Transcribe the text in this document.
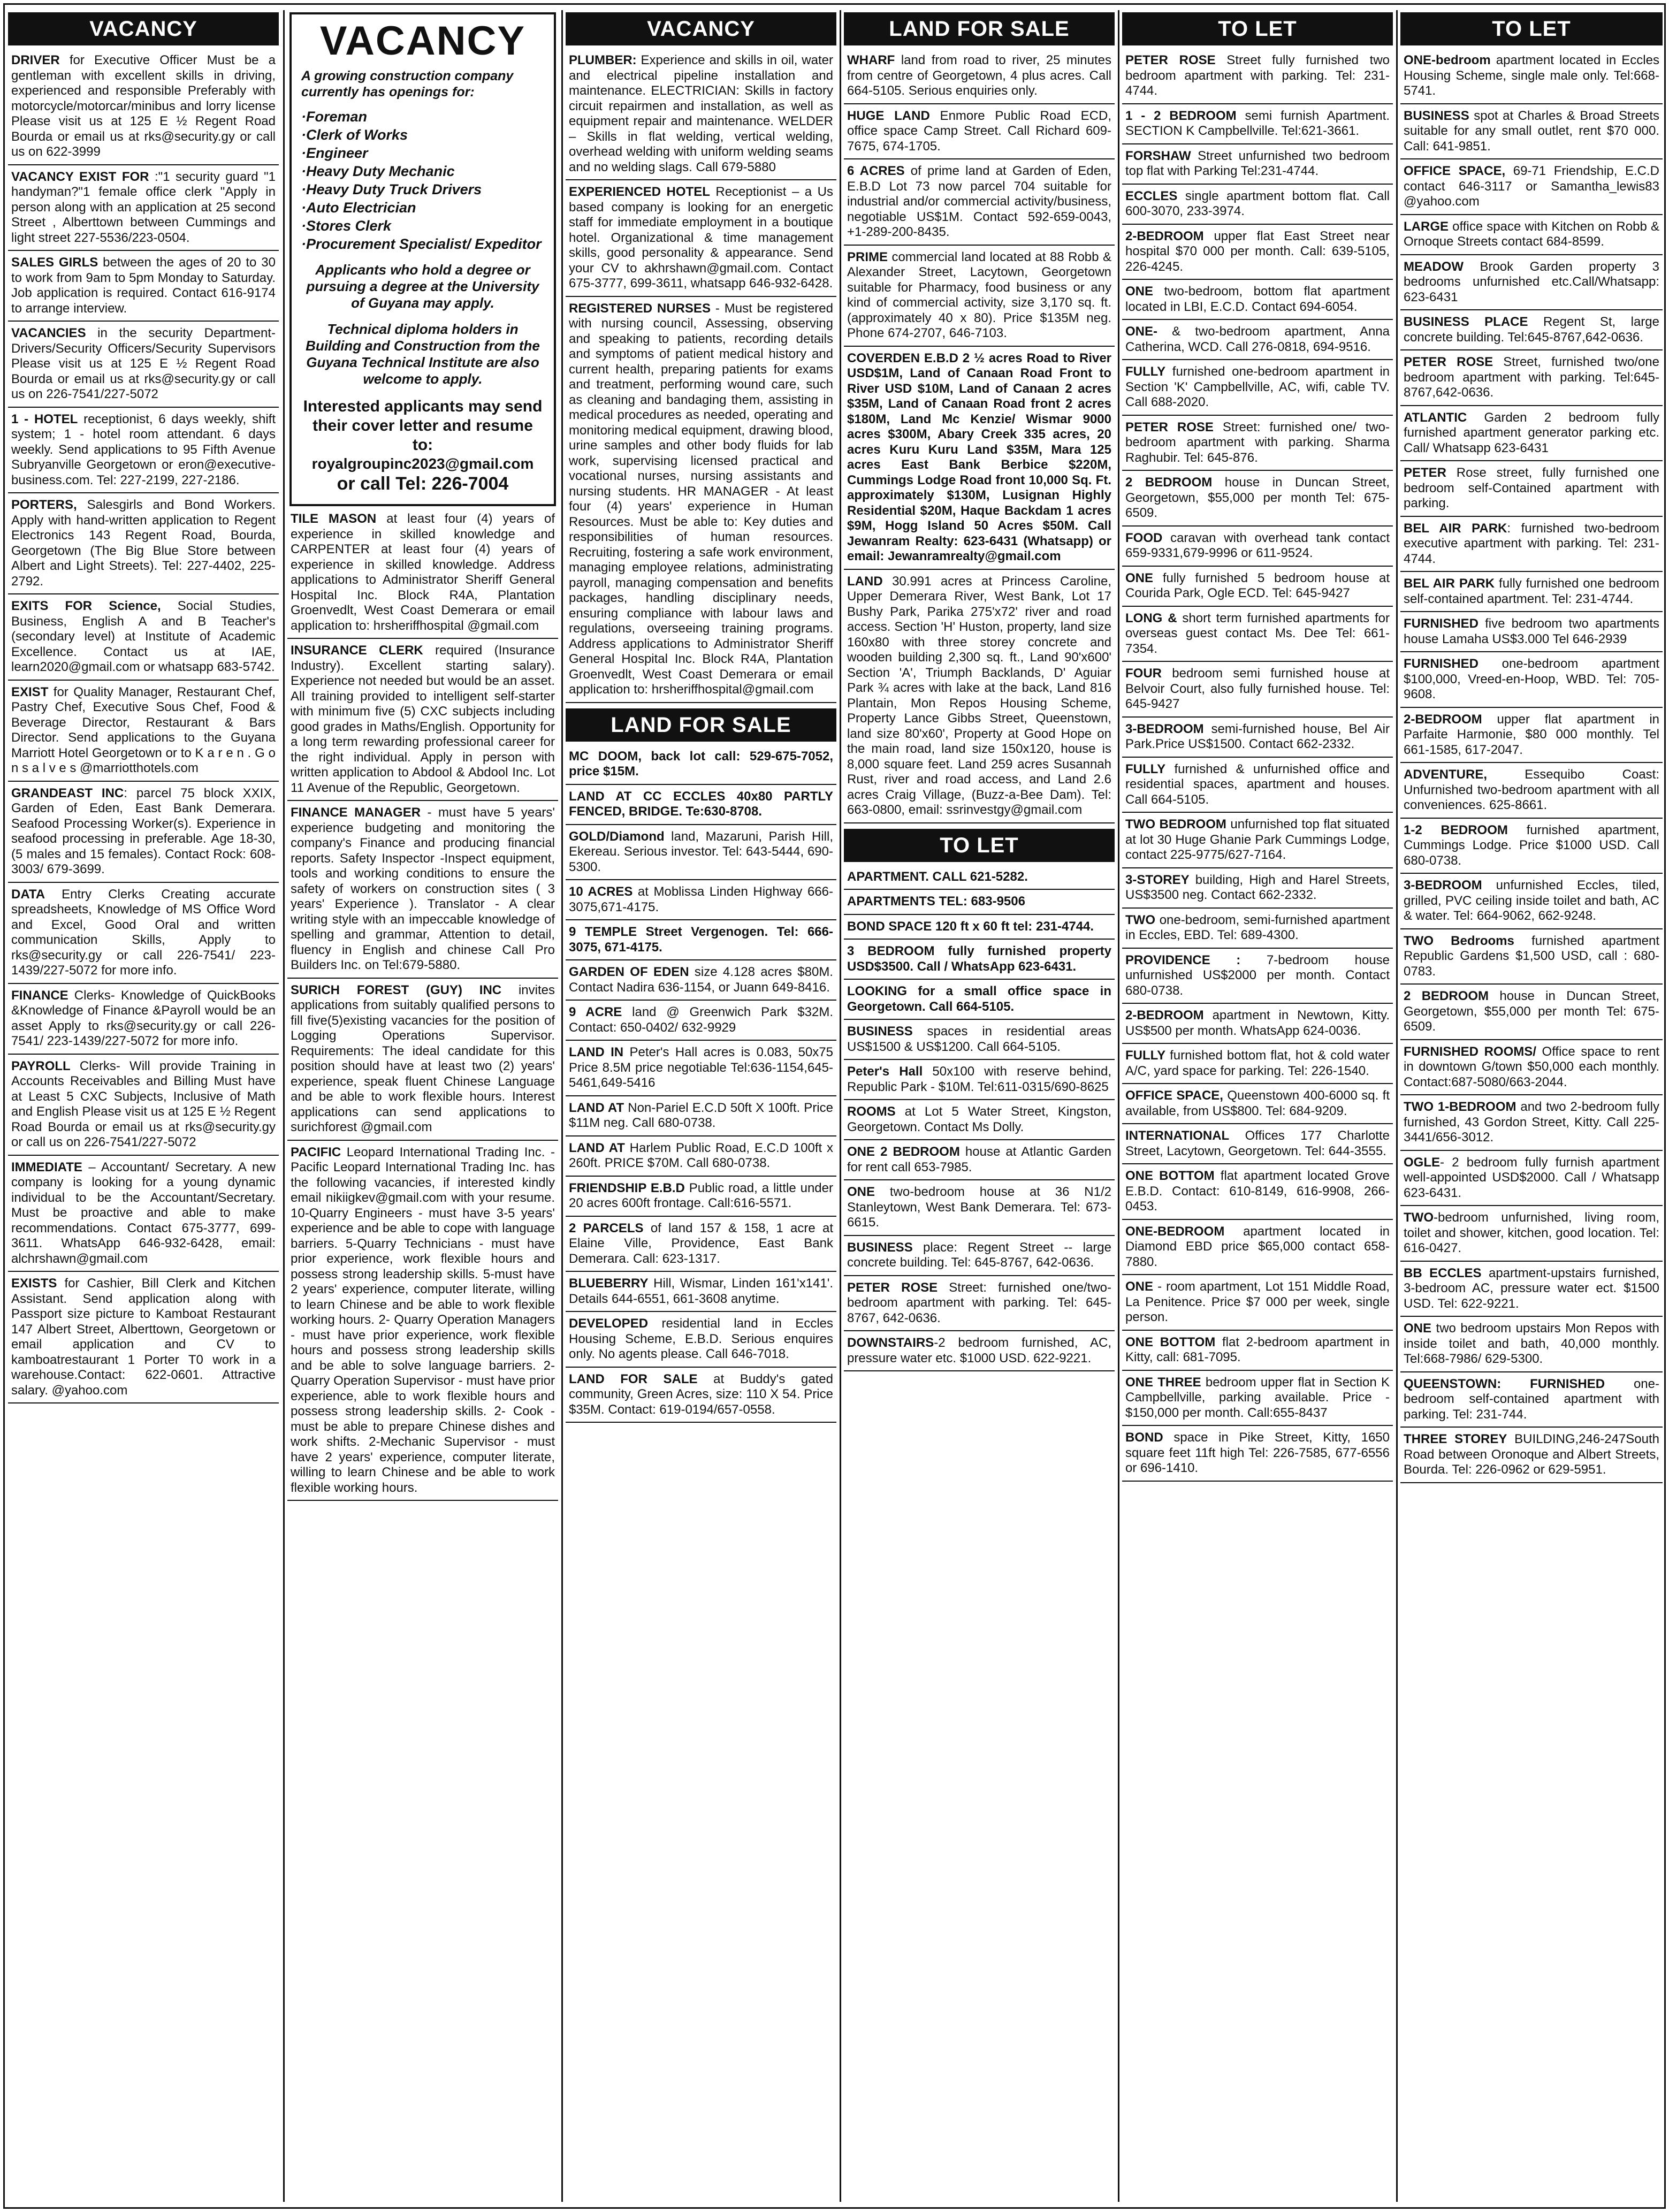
VACANCY
DRIVER for Executive Officer Must be a gentleman with excellent skills in driving, experienced and responsible Preferably with motorcycle/motorcar/minibus and lorry license Please visit us at 125 E ½ Regent Road Bourda or email us at rks@security.gy or call us on 622-3999
VACANCY EXIST FOR :"1 security guard "1 handyman?"1 female office clerk "Apply in person along with an application at 25 second Street , Alberttown between Cummings and light street 227-5536/223-0504.
SALES GIRLS between the ages of 20 to 30 to work from 9am to 5pm Monday to Saturday. Job application is required. Contact 616-9174 to arrange interview.
VACANCIES in the security Department- Drivers/Security Officers/Security Supervisors Please visit us at 125 E ½ Regent Road Bourda or email us at rks@security.gy or call us on 226-7541/227-5072
1 - HOTEL receptionist, 6 days weekly, shift system; 1 - hotel room attendant. 6 days weekly. Send applications to 95 Fifth Avenue Subryanville Georgetown or eron@executive-business.com. Tel: 227-2199, 227-2186.
PORTERS, Salesgirls and Bond Workers. Apply with hand-written application to Regent Electronics 143 Regent Road, Bourda, Georgetown (The Big Blue Store between Albert and Light Streets). Tel: 227-4402, 225-2792.
EXITS FOR Science, Social Studies, Business, English A and B Teacher's (secondary level) at Institute of Academic Excellence. Contact us at IAE, learn2020@gmail.com or whatsapp 683-5742.
EXIST for Quality Manager, Restaurant Chef, Pastry Chef, Executive Sous Chef, Food & Beverage Director, Restaurant & Bars Director. Send applications to the Guyana Marriott Hotel Georgetown or to K a r e n . G o n s a l v e s @marriotthotels.com
GRANDEAST INC: parcel 75 block XXIX, Garden of Eden, East Bank Demerara. Seafood Processing Worker(s). Experience in seafood processing in preferable. Age 18-30, (5 males and 15 females). Contact Rock: 608-3003/ 679-3699.
DATA Entry Clerks Creating accurate spreadsheets, Knowledge of MS Office Word and Excel, Good Oral and written communication Skills, Apply to rks@security.gy or call 226-7541/ 223-1439/227-5072 for more info.
FINANCE Clerks- Knowledge of QuickBooks &Knowledge of Finance &Payroll would be an asset Apply to rks@security.gy or call 226-7541/ 223-1439/227-5072 for more info.
PAYROLL Clerks- Will provide Training in Accounts Receivables and Billing Must have at Least 5 CXC Subjects, Inclusive of Math and English Please visit us at 125 E ½ Regent Road Bourda or email us at rks@security.gy or call us on 226-7541/227-5072
IMMEDIATE – Accountant/ Secretary. A new company is looking for a young dynamic individual to be the Accountant/Secretary. Must be proactive and able to make recommendations. Contact 675-3777, 699-3611. WhatsApp 646-932-6428, email: alchrshawn@gmail.com
EXISTS for Cashier, Bill Clerk and Kitchen Assistant. Send application along with Passport size picture to Kamboat Restaurant 147 Albert Street, Alberttown, Georgetown or email application and CV to kamboatrestaurant 1 Porter T0 work in a warehouse.Contact: 622-0601. Attractive salary. @yahoo.com
VACANCY
A growing construction company currently has openings for:
·Foreman
·Clerk of Works
·Engineer
·Heavy Duty Mechanic
·Heavy Duty Truck Drivers
·Auto Electrician
·Stores Clerk
·Procurement Specialist/ Expeditor
Applicants who hold a degree or pursuing a degree at the University of Guyana may apply.
Technical diploma holders in Building and Construction from the Guyana Technical Institute are also welcome to apply.
Interested applicants may send their cover letter and resume to:
royalgroupinc2023@gmail.com
or call Tel: 226-7004
TILE MASON at least four (4) years of experience in skilled knowledge and CARPENTER at least four (4) years of experience in skilled knowledge. Address applications to Administrator Sheriff General Hospital Inc. Block R4A, Plantation Groenvedlt, West Coast Demerara or email application to: hrsheriffhospital @gmail.com
INSURANCE CLERK required (Insurance Industry). Excellent starting salary). Experience not needed but would be an asset. All training provided to intelligent self-starter with minimum five (5) CXC subjects including good grades in Maths/English. Opportunity for a long term rewarding professional career for the right individual. Apply in person with written application to Abdool & Abdool Inc. Lot 11 Avenue of the Republic, Georgetown.
FINANCE MANAGER - must have 5 years' experience budgeting and monitoring the company's Finance and producing financial reports. Safety Inspector -Inspect equipment, tools and working conditions to ensure the safety of workers on construction sites ( 3 years' Experience ). Translator - A clear writing style with an impeccable knowledge of spelling and grammar, Attention to detail, fluency in English and chinese Call Pro Builders Inc. on Tel:679-5880.
SURICH FOREST (GUY) INC invites applications from suitably qualified persons to fill five(5)existing vacancies for the position of Logging Operations Supervisor. Requirements: The ideal candidate for this position should have at least two (2) years' experience, speak fluent Chinese Language and be able to work flexible hours. Interest applications can send applications to surichforest @gmail.com
PACIFIC Leopard International Trading Inc. - Pacific Leopard International Trading Inc. has the following vacancies, if interested kindly email nikiigkev@gmail.com with your resume. 10-Quarry Engineers - must have 3-5 years' experience and be able to cope with language barriers. 5-Quarry Technicians - must have prior experience, work flexible hours and possess strong leadership skills. 5-must have 2 years' experience, computer literate, willing to learn Chinese and be able to work flexible working hours. 2- Quarry Operation Managers - must have prior experience, work flexible hours and possess strong leadership skills and be able to solve language barriers. 2- Quarry Operation Supervisor - must have prior experience, able to work flexible hours and possess strong leadership skills. 2- Cook - must be able to prepare Chinese dishes and work shifts. 2-Mechanic Supervisor - must have 2 years' experience, computer literate, willing to learn Chinese and be able to work flexible working hours.
VACANCY
PLUMBER: Experience and skills in oil, water and electrical pipeline installation and maintenance. ELECTRICIAN: Skills in factory circuit repairmen and installation, as well as equipment repair and maintenance. WELDER – Skills in flat welding, vertical welding, overhead welding with uniform welding seams and no welding slags. Call 679-5880
EXPERIENCED HOTEL Receptionist – a Us based company is looking for an energetic staff for immediate employment in a boutique hotel. Organizational & time management skills, good personality & appearance. Send your CV to akhrshawn@gmail.com. Contact 675-3777, 699-3611, whatsapp 646-932-6428.
REGISTERED NURSES - Must be registered with nursing council, Assessing, observing and speaking to patients, recording details and symptoms of patient medical history and current health, preparing patients for exams and treatment, performing wound care, such as cleaning and bandaging them, assisting in medical procedures as needed, operating and monitoring medical equipment, drawing blood, urine samples and other body fluids for lab work, supervising licensed practical and vocational nurses, nursing assistants and nursing students. HR MANAGER - At least four (4) years' experience in Human Resources. Must be able to: Key duties and responsibilities of human resources. Recruiting, fostering a safe work environment, managing employee relations, administrating payroll, managing compensation and benefits packages, handling disciplinary needs, ensuring compliance with labour laws and regulations, overseeing training programs. Address applications to Administrator Sheriff General Hospital Inc. Block R4A, Plantation Groenvedlt, West Coast Demerara or email application to: hrsheriffhospital@gmail.com
LAND FOR SALE
MC DOOM, back lot call: 529-675-7052, price $15M.
LAND AT CC ECCLES 40x80 PARTLY FENCED, BRIDGE. Te:630-8708.
GOLD/Diamond land, Mazaruni, Parish Hill, Ekereau. Serious investor. Tel: 643-5444, 690-5300.
10 ACRES at Moblissa Linden Highway 666-3075,671-4175.
9 TEMPLE Street Vergenogen. Tel: 666-3075, 671-4175.
GARDEN OF EDEN size 4.128 acres $80M. Contact Nadira 636-1154, or Juann 649-8416.
9 ACRE land @ Greenwich Park $32M. Contact: 650-0402/ 632-9929
LAND IN Peter's Hall acres is 0.083, 50x75 Price 8.5M price negotiable Tel:636-1154,645-5461,649-5416
LAND AT Non-Pariel E.C.D 50ft X 100ft. Price $11M neg. Call 680-0738.
LAND AT Harlem Public Road, E.C.D 100ft x 260ft. PRICE $70M. Call 680-0738.
FRIENDSHIP E.B.D Public road, a little under 20 acres 600ft frontage. Call:616-5571.
2 PARCELS of land 157 & 158, 1 acre at Elaine Ville, Providence, East Bank Demerara. Call: 623-1317.
BLUEBERRY Hill, Wismar, Linden 161'x141'. Details 644-6551, 661-3608 anytime.
DEVELOPED residential land in Eccles Housing Scheme, E.B.D. Serious enquires only. No agents please. Call 646-7018.
LAND FOR SALE at Buddy's gated community, Green Acres, size: 110 X 54. Price $35M. Contact: 619-0194/657-0558.
LAND FOR SALE
WHARF land from road to river, 25 minutes from centre of Georgetown, 4 plus acres. Call 664-5105. Serious enquiries only.
HUGE LAND Enmore Public Road ECD, office space Camp Street. Call Richard 609-7675, 674-1705.
6 ACRES of prime land at Garden of Eden, E.B.D Lot 73 now parcel 704 suitable for industrial and/or commercial activity/business, negotiable US$1M. Contact 592-659-0043, +1-289-200-8435.
PRIME commercial land located at 88 Robb & Alexander Street, Lacytown, Georgetown suitable for Pharmacy, food business or any kind of commercial activity, size 3,170 sq. ft. (approximately 40 x 80). Price $135M neg. Phone 674-2707, 646-7103.
COVERDEN E.B.D 2 ½ acres Road to River USD$1M, Land of Canaan Road Front to River USD $10M, Land of Canaan 2 acres $35M, Land of Canaan Road front 2 acres $180M, Land Mc Kenzie/ Wismar 9000 acres $300M, Abary Creek 335 acres, 20 acres Kuru Kuru Land $35M, Mara 125 acres East Bank Berbice $220M, Cummings Lodge Road front 10,000 Sq. Ft. approximately $130M, Lusignan Highly Residential $20M, Haque Backdam 1 acres $9M, Hogg Island 50 Acres $50M. Call Jewanram Realty: 623-6431 (Whatsapp) or email: Jewanramrealty@gmail.com
LAND 30.991 acres at Princess Caroline, Upper Demerara River, West Bank, Lot 17 Bushy Park, Parika 275'x72' river and road access. Section 'H' Huston, property, land size 160x80 with three storey concrete and wooden building 2,300 sq. ft., Land 90'x600' Section 'A', Triumph Backlands, D' Aguiar Park ¾ acres with lake at the back, Land 816 Plantain, Mon Repos Housing Scheme, Property Lance Gibbs Street, Queenstown, land size 80'x60', Property at Good Hope on the main road, land size 150x120, house is 8,000 square feet. Land 259 acres Susannah Rust, river and road access, and Land 2.6 acres Craig Village, (Buzz-a-Bee Dam). Tel: 663-0800, email: ssrinvestgy@gmail.com
TO LET
APARTMENT. CALL 621-5282.
APARTMENTS TEL: 683-9506
BOND SPACE 120 ft x 60 ft tel: 231-4744.
3 BEDROOM fully furnished property USD$3500. Call / WhatsApp 623-6431.
LOOKING for a small office space in Georgetown. Call 664-5105.
BUSINESS spaces in residential areas US$1500 & US$1200. Call 664-5105.
Peter's Hall 50x100 with reserve behind, Republic Park - $10M. Tel:611-0315/690-8625
ROOMS at Lot 5 Water Street, Kingston, Georgetown. Contact Ms Dolly.
ONE 2 BEDROOM house at Atlantic Garden for rent call 653-7985.
ONE two-bedroom house at 36 N1/2 Stanleytown, West Bank Demerara. Tel: 673-6615.
BUSINESS place: Regent Street -- large concrete building. Tel: 645-8767, 642-0636.
PETER ROSE Street: furnished one/two-bedroom apartment with parking. Tel: 645-8767, 642-0636.
DOWNSTAIRS-2 bedroom furnished, AC, pressure water etc. $1000 USD. 622-9221.
TO LET
PETER ROSE Street fully furnished two bedroom apartment with parking. Tel: 231-4744.
1 - 2 BEDROOM semi furnish Apartment. SECTION K Campbellville. Tel:621-3661.
FORSHAW Street unfurnished two bedroom top flat with Parking Tel:231-4744.
ECCLES single apartment bottom flat. Call 600-3070, 233-3974.
2-BEDROOM upper flat East Street near hospital $70 000 per month. Call: 639-5105, 226-4245.
ONE two-bedroom, bottom flat apartment located in LBI, E.C.D. Contact 694-6054.
ONE- & two-bedroom apartment, Anna Catherina, WCD. Call 276-0818, 694-9516.
FULLY furnished one-bedroom apartment in Section 'K' Campbellville, AC, wifi, cable TV. Call 688-2020.
PETER ROSE Street: furnished one/ two-bedroom apartment with parking. Sharma Raghubir. Tel: 645-876.
2 BEDROOM house in Duncan Street, Georgetown, $55,000 per month Tel: 675-6509.
FOOD caravan with overhead tank contact 659-9331,679-9996 or 611-9524.
ONE fully furnished 5 bedroom house at Courida Park, Ogle ECD. Tel: 645-9427
LONG & short term furnished apartments for overseas guest contact Ms. Dee Tel: 661-7354.
FOUR bedroom semi furnished house at Belvoir Court, also fully furnished house. Tel: 645-9427
3-BEDROOM semi-furnished house, Bel Air Park.Price US$1500. Contact 662-2332.
FULLY furnished & unfurnished office and residential spaces, apartment and houses. Call 664-5105.
TWO BEDROOM unfurnished top flat situated at lot 30 Huge Ghanie Park Cummings Lodge, contact 225-9775/627-7164.
3-STOREY building, High and Harel Streets, US$3500 neg. Contact 662-2332.
TWO one-bedroom, semi-furnished apartment in Eccles, EBD. Tel: 689-4300.
PROVIDENCE : 7-bedroom house unfurnished US$2000 per month. Contact 680-0738.
2-BEDROOM apartment in Newtown, Kitty. US$500 per month. WhatsApp 624-0036.
FULLY furnished bottom flat, hot & cold water A/C, yard space for parking. Tel: 226-1540.
OFFICE SPACE, Queenstown 400-6000 sq. ft available, from US$800. Tel: 684-9209.
INTERNATIONAL Offices 177 Charlotte Street, Lacytown, Georgetown. Tel: 644-3555.
ONE BOTTOM flat apartment located Grove E.B.D. Contact: 610-8149, 616-9908, 266-0453.
ONE-BEDROOM apartment located in Diamond EBD price $65,000 contact 658-7880.
ONE - room apartment, Lot 151 Middle Road, La Penitence. Price $7 000 per week, single person.
ONE BOTTOM flat 2-bedroom apartment in Kitty, call: 681-7095.
ONE THREE bedroom upper flat in Section K Campbellville, parking available. Price - $150,000 per month. Call:655-8437
BOND space in Pike Street, Kitty, 1650 square feet 11ft high Tel: 226-7585, 677-6556 or 696-1410.
TO LET
ONE-bedroom apartment located in Eccles Housing Scheme, single male only. Tel:668-5741.
BUSINESS spot at Charles & Broad Streets suitable for any small outlet, rent $70 000. Call: 641-9851.
OFFICE SPACE, 69-71 Friendship, E.C.D contact 646-3117 or Samantha_lewis83 @yahoo.com
LARGE office space with Kitchen on Robb & Ornoque Streets contact 684-8599.
MEADOW Brook Garden property 3 bedrooms unfurnished etc.Call/Whatsapp: 623-6431
BUSINESS PLACE Regent St, large concrete building. Tel:645-8767,642-0636.
PETER ROSE Street, furnished two/one bedroom apartment with parking. Tel:645-8767,642-0636.
ATLANTIC Garden 2 bedroom fully furnished apartment generator parking etc. Call/ Whatsapp 623-6431
PETER Rose street, fully furnished one bedroom self-Contained apartment with parking.
BEL AIR PARK: furnished two-bedroom executive apartment with parking. Tel: 231-4744.
BEL AIR PARK fully furnished one bedroom self-contained apartment. Tel: 231-4744.
FURNISHED five bedroom two apartments house Lamaha US$3.000 Tel 646-2939
FURNISHED one-bedroom apartment $100,000, Vreed-en-Hoop, WBD. Tel: 705-9608.
2-BEDROOM upper flat apartment in Parfaite Harmonie, $80 000 monthly. Tel 661-1585, 617-2047.
ADVENTURE, Essequibo Coast: Unfurnished two-bedroom apartment with all conveniences. 625-8661.
1-2 BEDROOM furnished apartment, Cummings Lodge. Price $1000 USD. Call 680-0738.
3-BEDROOM unfurnished Eccles, tiled, grilled, PVC ceiling inside toilet and bath, AC & water. Tel: 664-9062, 662-9248.
TWO Bedrooms furnished apartment Republic Gardens $1,500 USD, call : 680-0783.
2 BEDROOM house in Duncan Street, Georgetown, $55,000 per month Tel: 675-6509.
FURNISHED ROOMS/ Office space to rent in downtown G/town $50,000 each monthly. Contact:687-5080/663-2044.
TWO 1-BEDROOM and two 2-bedroom fully furnished, 43 Gordon Street, Kitty. Call 225- 3441/656-3012.
OGLE- 2 bedroom fully furnish apartment well-appointed USD$2000. Call / Whatsapp 623-6431.
TWO-bedroom unfurnished, living room, toilet and shower, kitchen, good location. Tel: 616-0427.
BB ECCLES apartment-upstairs furnished, 3-bedroom AC, pressure water ect. $1500 USD. Tel: 622-9221.
ONE two bedroom upstairs Mon Repos with inside toilet and bath, 40,000 monthly. Tel:668-7986/ 629-5300.
QUEENSTOWN: FURNISHED one-bedroom self-contained apartment with parking. Tel: 231-744.
THREE STOREY BUILDING,246-247South Road between Oronoque and Albert Streets, Bourda. Tel: 226-0962 or 629-5951.
